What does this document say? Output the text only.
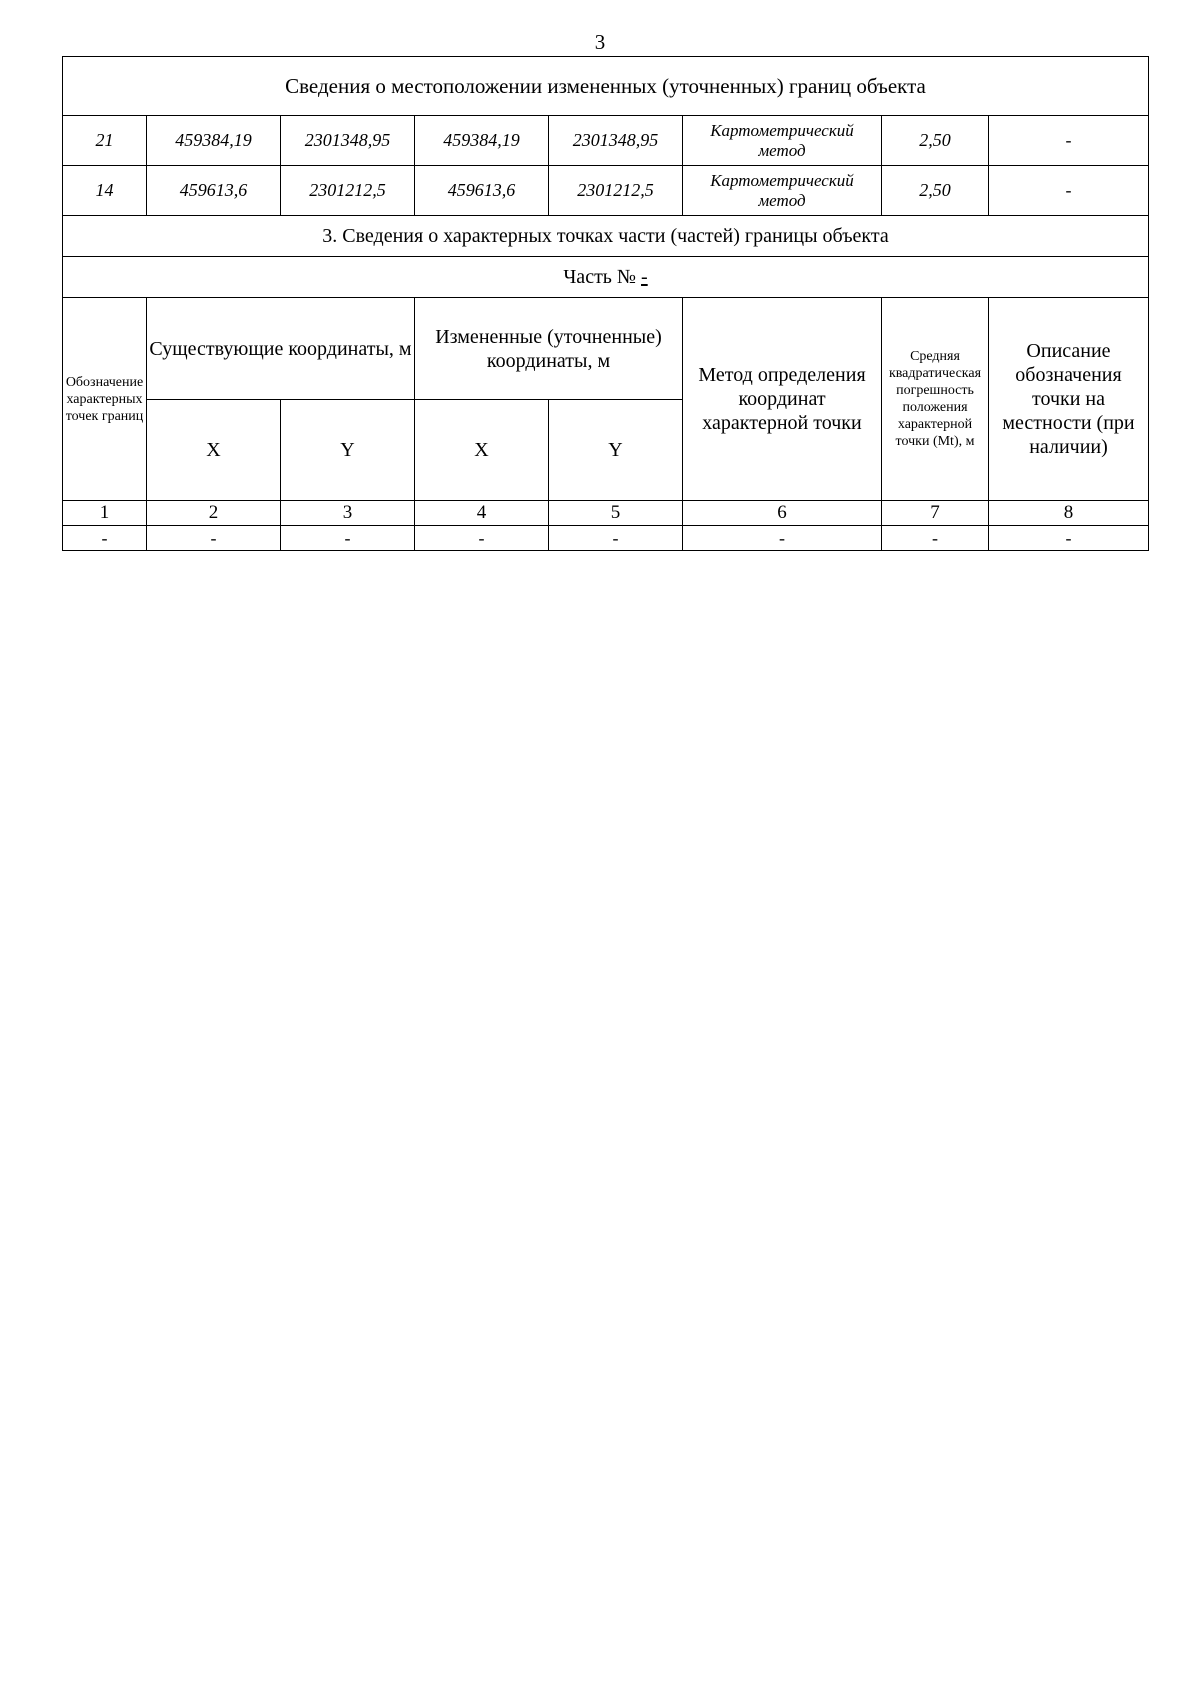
3
Сведения о местоположении измененных (уточненных) границ объекта							
21	459384,19	2301348,95	459384,19	2301348,95	Картометрический метод	2,50	-
14	459613,6	2301212,5	459613,6	2301212,5	Картометрический метод	2,50	-
3. Сведения о характерных точках части (частей) границы объекта							
Часть № -							
Обозначение характерных точек границ	Существующие координаты, м		Измененные (уточненные) координаты, м		Метод определения координат характерной точки	Средняя квадратическая погрешность положения характерной точки (Mt), м	Описание обозначения точки на местности (при наличии)
	X	Y	X	Y			
1	2	3	4	5	6	7	8
-	-	-	-	-	-	-	-
